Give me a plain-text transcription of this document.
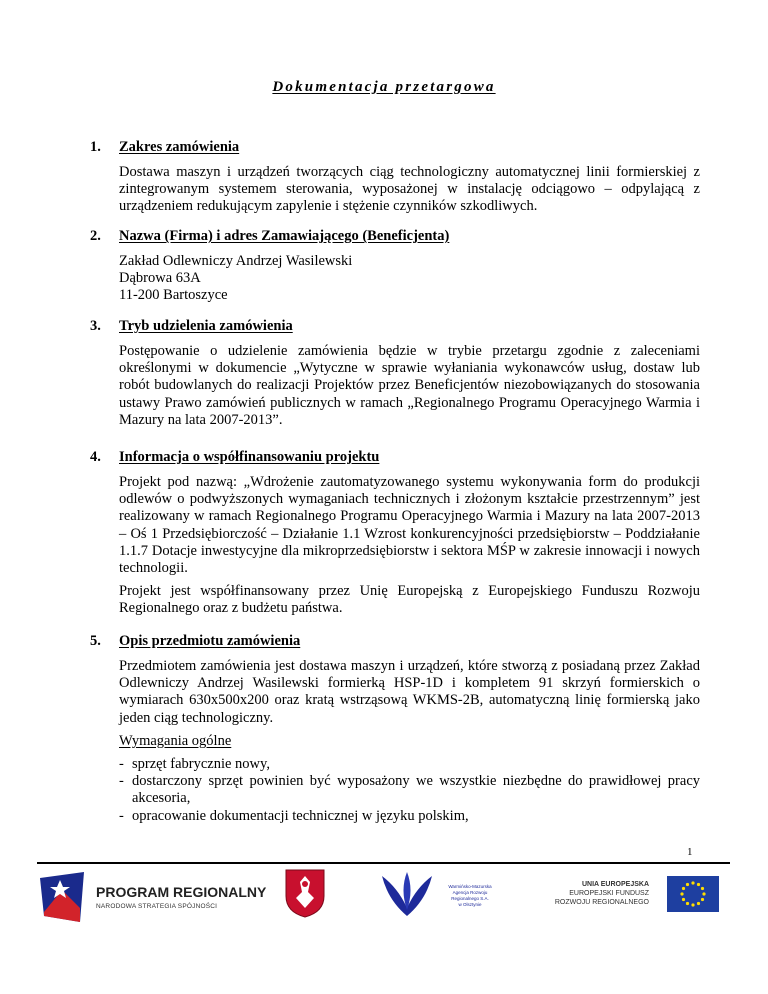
Dokumentacja przetargowa
1.	Zakres zamówienia

Dostawa maszyn i urządzeń tworzących ciąg technologiczny automatycznej linii formierskiej z zintegrowanym systemem sterowania, wyposażonej w instalację odciągowo – odpylającą z urządzeniem redukującym zapylenie i stężenie czynników szkodliwych.

2.	Nazwa (Firma) i adres Zamawiającego (Beneficjenta)
Zakład Odlewniczy Andrzej Wasilewski
Dąbrowa 63A
11-200 Bartoszyce
3.	Tryb udzielenia zamówienia

Postępowanie o udzielenie zamówienia będzie w trybie przetargu zgodnie z zaleceniami określonymi w dokumencie „Wytyczne w sprawie wyłaniania wykonawców usług, dostaw lub robót budowlanych do realizacji Projektów przez Beneficjentów niezobowiązanych do stosowania ustawy Prawo zamówień publicznych w ramach „Regionalnego Programu Operacyjnego Warmia i Mazury na lata 2007-2013”.

4.	Informacja o współfinansowaniu projektu

Projekt pod nazwą: „Wdrożenie zautomatyzowanego systemu wykonywania form do produkcji odlewów o podwyższonych wymaganiach technicznych i złożonym kształcie przestrzennym” jest realizowany w ramach Regionalnego Programu Operacyjnego Warmia i Mazury na lata 2007-2013 – Oś 1 Przedsiębiorczość – Działanie 1.1 Wzrost konkurencyjności przedsiębiorstw – Poddziałanie 1.1.7 Dotacje inwestycyjne dla mikroprzedsiębiorstw i sektora MŚP w zakresie innowacji i nowych technologii.

Projekt jest współfinansowany przez Unię Europejską z Europejskiego Funduszu Rozwoju Regionalnego oraz z budżetu państwa.

5.	Opis przedmiotu zamówienia

Przedmiotem zamówienia jest dostawa maszyn i urządzeń, które stworzą z posiadaną przez Zakład Odlewniczy Andrzej Wasilewski formierką HSP-1D i kompletem 91 skrzyń formierskich o wymiarach 630x500x200 oraz kratą wstrząsową WKMS-2B, automatyczną linię formierską jako jeden ciąg technologiczny.

Wymagania ogólne

- sprzęt fabrycznie nowy,
- dostarczony sprzęt powinien być wyposażony we wszystkie niezbędne do prawidłowej pracy akcesoria,
- opracowanie dokumentacji technicznej w języku polskim,
1
PROGRAM REGIONALNY
NARODOWA STRATEGIA SPÓJNOŚCI
Warmińsko-Mazurska
Agencja Rozwoju Regionalnego S.A.
w Olsztynie
UNIA EUROPEJSKA
EUROPEJSKI FUNDUSZ
ROZWOJU REGIONALNEGO
